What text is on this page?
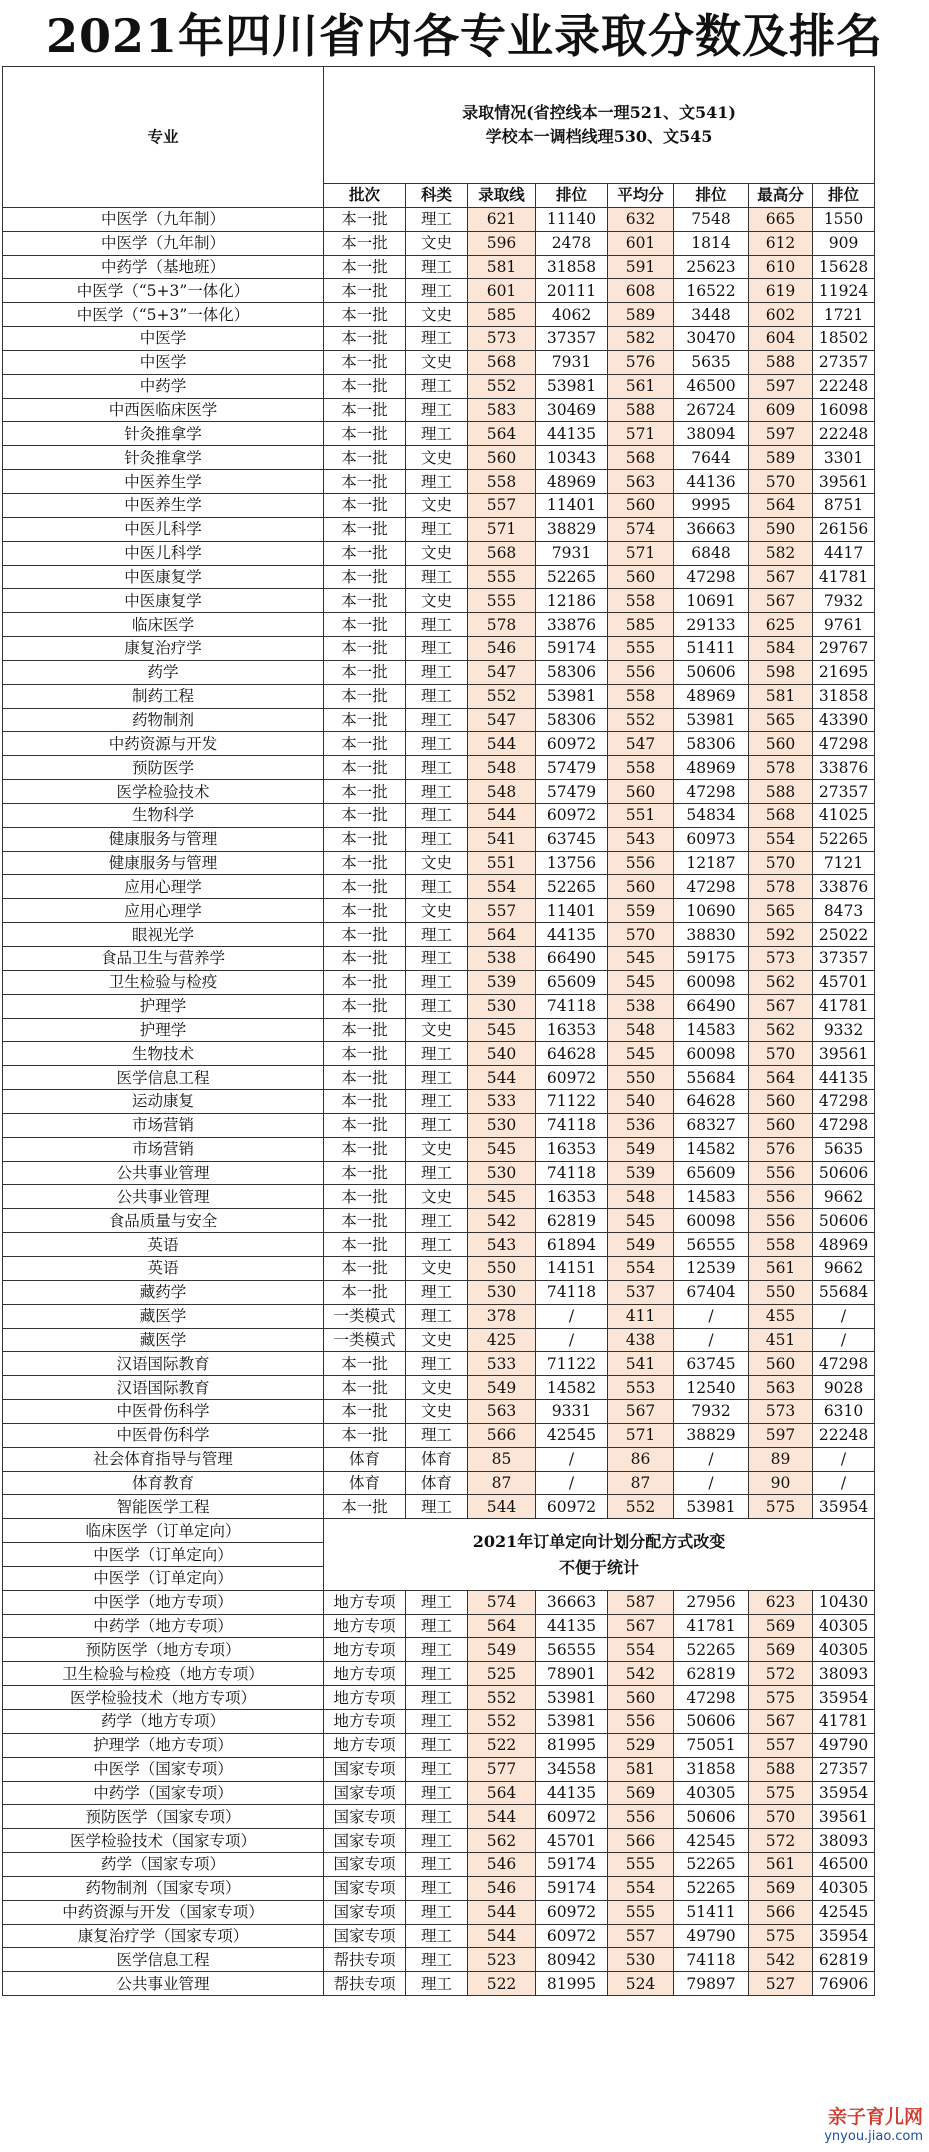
2021年四川省内各专业录取分数及排名
专业	录取情况(省控线本一理521、文541)
学校本一调档线理530、文545								

	批次	科类	录取线	排位	平均分	排位	最高分	排位	
中医学（九年制）	本一批	理工	621	11140	632	7548	665	1550	
中医学（九年制）	本一批	文史	596	2478	601	1814	612	909	
中药学（基地班）	本一批	理工	581	31858	591	25623	610	15628	
中医学（“5+3”一体化）	本一批	理工	601	20111	608	16522	619	11924	
中医学（“5+3”一体化）	本一批	文史	585	4062	589	3448	602	1721	
中医学	本一批	理工	573	37357	582	30470	604	18502	
中医学	本一批	文史	568	7931	576	5635	588	27357	
中药学	本一批	理工	552	53981	561	46500	597	22248	
中西医临床医学	本一批	理工	583	30469	588	26724	609	16098	
针灸推拿学	本一批	理工	564	44135	571	38094	597	22248	
针灸推拿学	本一批	文史	560	10343	568	7644	589	3301	
中医养生学	本一批	理工	558	48969	563	44136	570	39561	
中医养生学	本一批	文史	557	11401	560	9995	564	8751	
中医儿科学	本一批	理工	571	38829	574	36663	590	26156	
中医儿科学	本一批	文史	568	7931	571	6848	582	4417	
中医康复学	本一批	理工	555	52265	560	47298	567	41781	
中医康复学	本一批	文史	555	12186	558	10691	567	7932	
临床医学	本一批	理工	578	33876	585	29133	625	9761	
康复治疗学	本一批	理工	546	59174	555	51411	584	29767	
药学	本一批	理工	547	58306	556	50606	598	21695	
制药工程	本一批	理工	552	53981	558	48969	581	31858	
药物制剂	本一批	理工	547	58306	552	53981	565	43390	
中药资源与开发	本一批	理工	544	60972	547	58306	560	47298	
预防医学	本一批	理工	548	57479	558	48969	578	33876	
医学检验技术	本一批	理工	548	57479	560	47298	588	27357	
生物科学	本一批	理工	544	60972	551	54834	568	41025	
健康服务与管理	本一批	理工	541	63745	543	60973	554	52265	
健康服务与管理	本一批	文史	551	13756	556	12187	570	7121	
应用心理学	本一批	理工	554	52265	560	47298	578	33876	
应用心理学	本一批	文史	557	11401	559	10690	565	8473	
眼视光学	本一批	理工	564	44135	570	38830	592	25022	
食品卫生与营养学	本一批	理工	538	66490	545	59175	573	37357	
卫生检验与检疫	本一批	理工	539	65609	545	60098	562	45701	
护理学	本一批	理工	530	74118	538	66490	567	41781	
护理学	本一批	文史	545	16353	548	14583	562	9332	
生物技术	本一批	理工	540	64628	545	60098	570	39561	
医学信息工程	本一批	理工	544	60972	550	55684	564	44135	
运动康复	本一批	理工	533	71122	540	64628	560	47298	
市场营销	本一批	理工	530	74118	536	68327	560	47298	
市场营销	本一批	文史	545	16353	549	14582	576	5635	
公共事业管理	本一批	理工	530	74118	539	65609	556	50606	
公共事业管理	本一批	文史	545	16353	548	14583	556	9662	
食品质量与安全	本一批	理工	542	62819	545	60098	556	50606	
英语	本一批	理工	543	61894	549	56555	558	48969	
英语	本一批	文史	550	14151	554	12539	561	9662	
藏药学	本一批	理工	530	74118	537	67404	550	55684	
藏医学	一类模式	理工	378	/	411	/	455	/	
藏医学	一类模式	文史	425	/	438	/	451	/	
汉语国际教育	本一批	理工	533	71122	541	63745	560	47298	
汉语国际教育	本一批	文史	549	14582	553	12540	563	9028	
中医骨伤科学	本一批	文史	563	9331	567	7932	573	6310	
中医骨伤科学	本一批	理工	566	42545	571	38829	597	22248	
社会体育指导与管理	体育	体育	85	/	86	/	89	/	
体育教育	体育	体育	87	/	87	/	90	/	
智能医学工程	本一批	理工	544	60972	552	53981	575	35954	
临床医学（订单定向）	2021年订单定向计划分配方式改变
不便于统计								

中医学（订单定向）									
中医学（订单定向）									
中医学（地方专项）	地方专项	理工	574	36663	587	27956	623	10430	
中药学（地方专项）	地方专项	理工	564	44135	567	41781	569	40305	
预防医学（地方专项）	地方专项	理工	549	56555	554	52265	569	40305	
卫生检验与检疫（地方专项）	地方专项	理工	525	78901	542	62819	572	38093	
医学检验技术（地方专项）	地方专项	理工	552	53981	560	47298	575	35954	
药学（地方专项）	地方专项	理工	552	53981	556	50606	567	41781	
护理学（地方专项）	地方专项	理工	522	81995	529	75051	557	49790	
中医学（国家专项）	国家专项	理工	577	34558	581	31858	588	27357	
中药学（国家专项）	国家专项	理工	564	44135	569	40305	575	35954	
预防医学（国家专项）	国家专项	理工	544	60972	556	50606	570	39561	
医学检验技术（国家专项）	国家专项	理工	562	45701	566	42545	572	38093	
药学（国家专项）	国家专项	理工	546	59174	555	52265	561	46500	
药物制剂（国家专项）	国家专项	理工	546	59174	554	52265	569	40305	
中药资源与开发（国家专项）	国家专项	理工	544	60972	555	51411	566	42545	
康复治疗学（国家专项）	国家专项	理工	544	60972	557	49790	575	35954	
医学信息工程	帮扶专项	理工	523	80942	530	74118	542	62819	
公共事业管理	帮扶专项	理工	522	81995	524	79897	527	76906	
亲子育儿网
ynyou.jiao.com
